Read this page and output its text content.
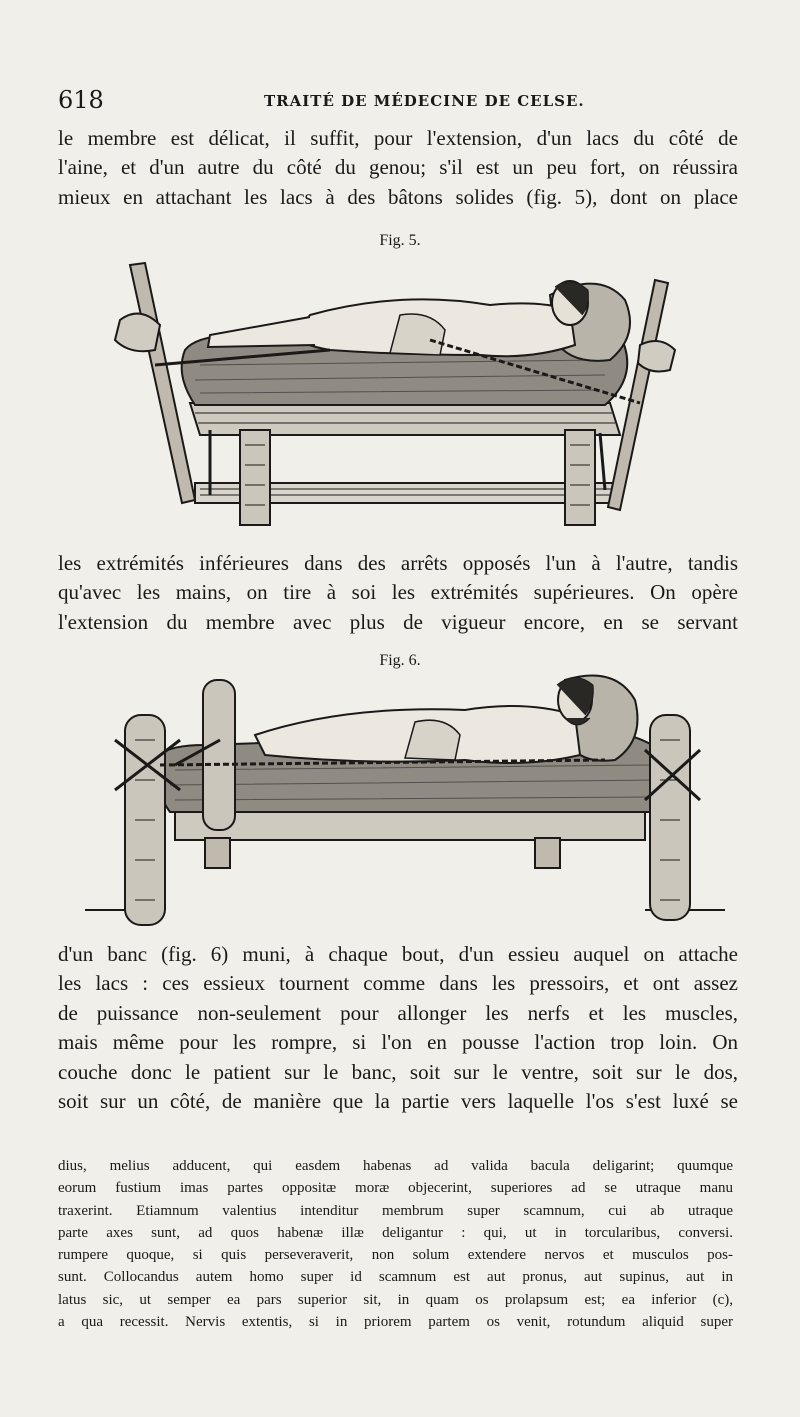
618	TRAITÉ DE MÉDECINE DE CELSE.
le membre est délicat, il suffit, pour l'extension, d'un lacs du côté de
l'aine, et d'un autre du côté du genou; s'il est un peu fort, on réussira
mieux en attachant les lacs à des bâtons solides (fig. 5), dont on place
Fig. 5.
les extrémités inférieures dans des arrêts opposés l'un à l'autre, tandis
qu'avec les mains, on tire à soi les extrémités supérieures. On opère
l'extension du membre avec plus de vigueur encore, en se servant
Fig. 6.
d'un banc (fig. 6) muni, à chaque bout, d'un essieu auquel on attache
les lacs : ces essieux tournent comme dans les pressoirs, et ont assez
de puissance non-seulement pour allonger les nerfs et les muscles,
mais même pour les rompre, si l'on en pousse l'action trop loin. On
couche donc le patient sur le banc, soit sur le ventre, soit sur le dos,
soit sur un côté, de manière que la partie vers laquelle l'os s'est luxé se
dius, melius adducent, qui easdem habenas ad valida bacula deligarint; quumque
eorum fustium imas partes oppositæ moræ objecerint, superiores ad se utraque manu
traxerint. Etiamnum valentius intenditur membrum super scamnum, cui ab utraque
parte axes sunt, ad quos habenæ illæ deligantur : qui, ut in torcularibus, conversi.
rumpere quoque, si quis perseveraverit, non solum extendere nervos et musculos pos-
sunt. Collocandus autem homo super id scamnum est aut pronus, aut supinus, aut in
latus sic, ut semper ea pars superior sit, in quam os prolapsum est; ea inferior (c),
a qua recessit. Nervis extentis, si in priorem partem os venit, rotundum aliquid super
